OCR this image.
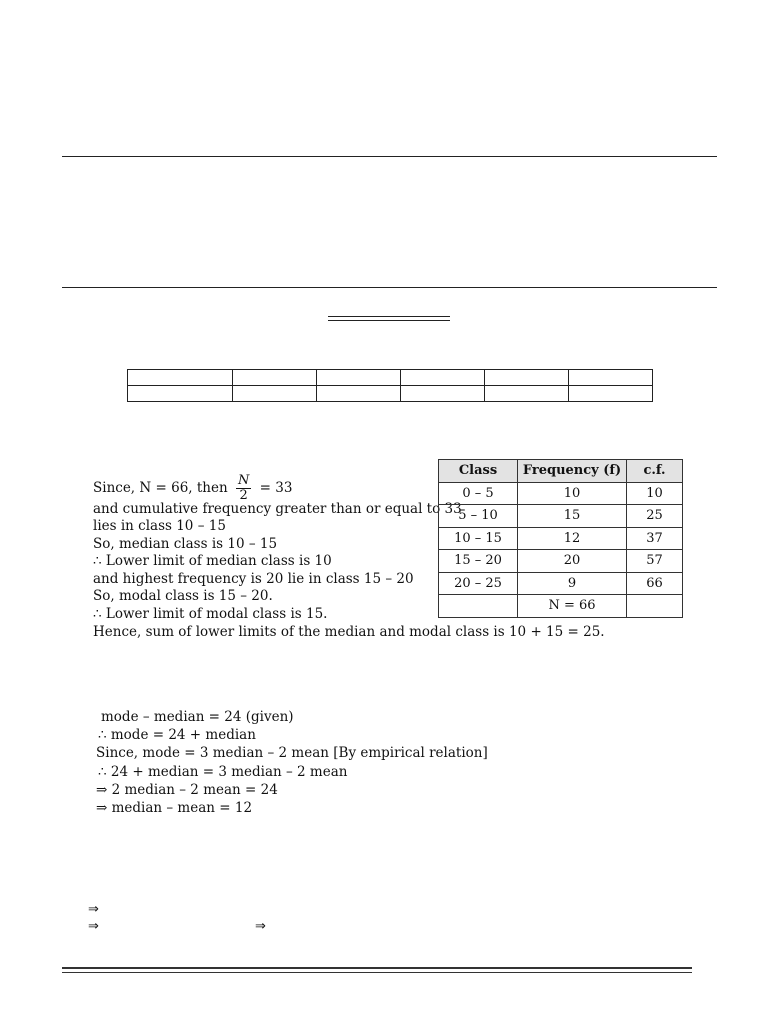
Since, N = 66, then $\frac{N}{2} = 33$
and cumulative frequency greater than or equal to 33
lies in class 10 – 15
So, median class is 10 – 15
∴ Lower limit of median class is 10
and highest frequency is 20 lie in class 15 – 20
So, modal class is 15 – 20.
∴ Lower limit of modal class is 15.
Hence, sum of lower limits of the median and modal class is 10 + 15 = 25.
Class	Frequency (f)	c.f.
0 – 5	10	10
5 – 10	15	25
10 – 15	12	37
15 – 20	20	57
20 – 25	9	66
	N = 66	
mode – median = 24 (given)
∴ mode = 24 + median
Since, mode = 3 median – 2 mean [By empirical relation]
∴ 24 + median = 3 median – 2 mean
⇒ 2 median – 2 mean = 24
⇒ median – mean = 12
⇒
⇒	⇒
